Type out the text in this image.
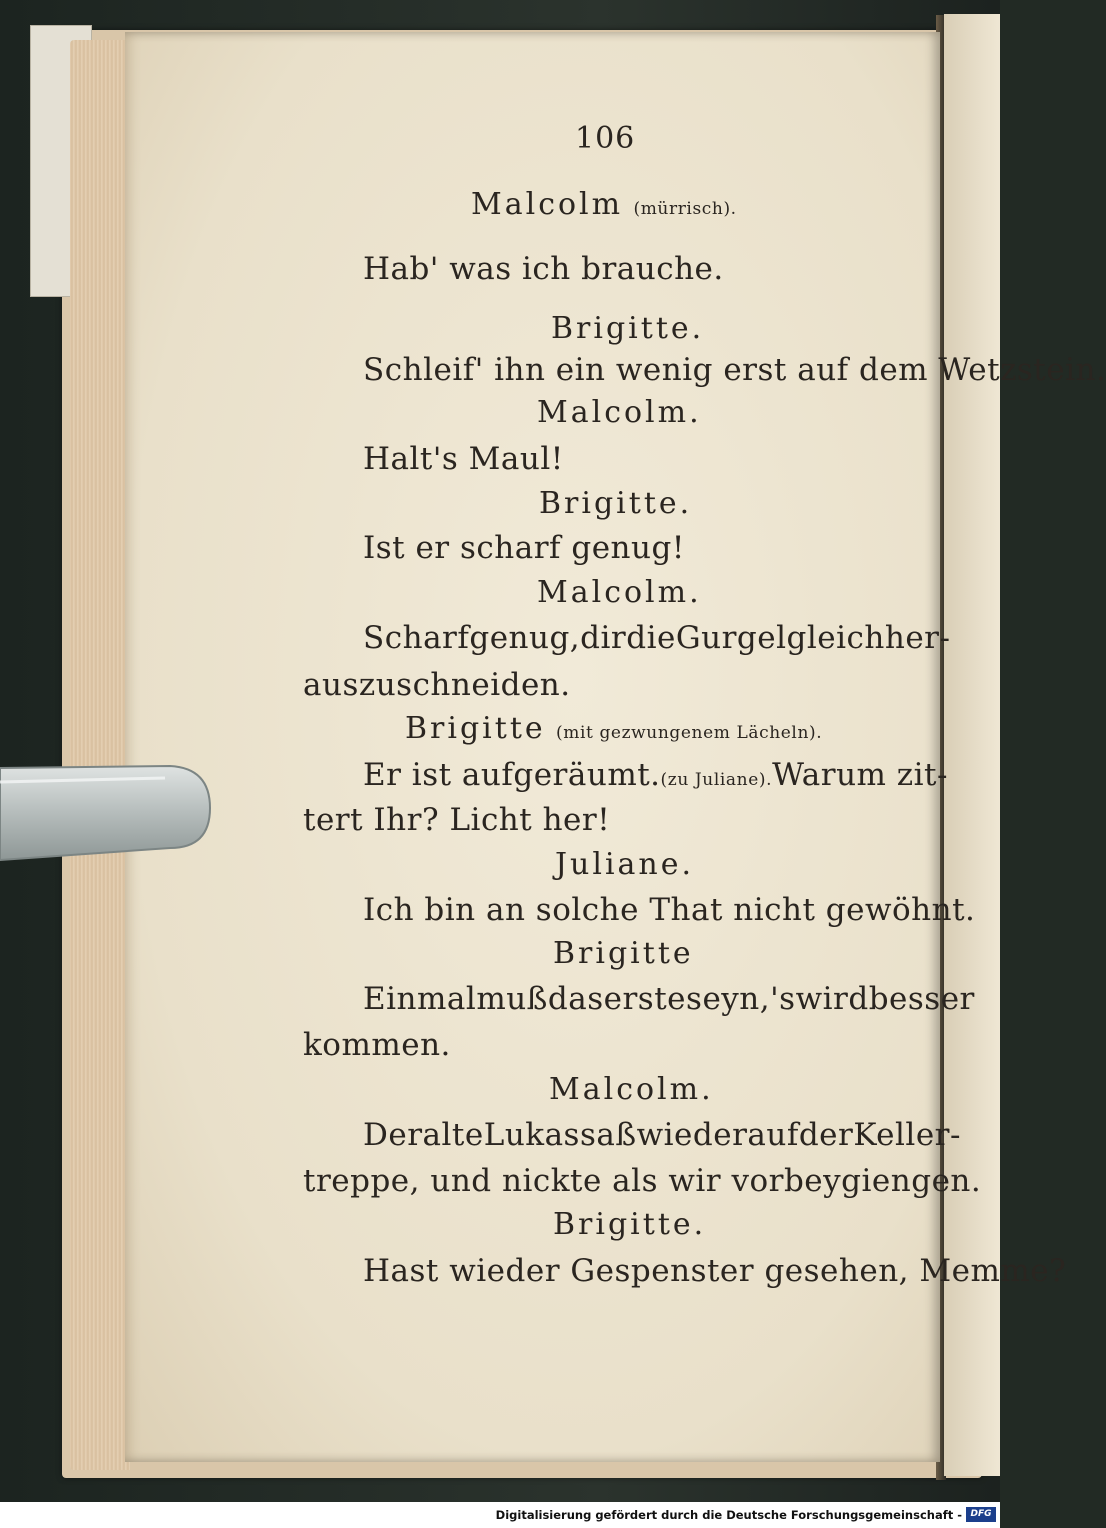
106
Malcolm (mürrisch).
Hab' was ich brauche.
Brigitte.
Schleif' ihn ein wenig erst auf dem Wetzstein.
Malcolm.
Halt's Maul!
Brigitte.
Ist er scharf genug!
Malcolm.
Scharf genug, dir die Gurgel gleich her-
auszuschneiden.
Brigitte (mit gezwungenem Lächeln).
Er ist aufgeräumt. (zu Juliane). Warum zit-
tert Ihr? Licht her!
Juliane.
Ich bin an solche That nicht gewöhnt.
Brigitte
Einmal muß das erste seyn, 's wird besser
kommen.
Malcolm.
Der alte Lukas saß wieder auf der Keller-
treppe, und nickte als wir vorbeygiengen.
Brigitte.
Hast wieder Gespenster gesehen, Memme?
Digitalisierung gefördert durch die Deutsche Forschungsgemeinschaft - DFG
